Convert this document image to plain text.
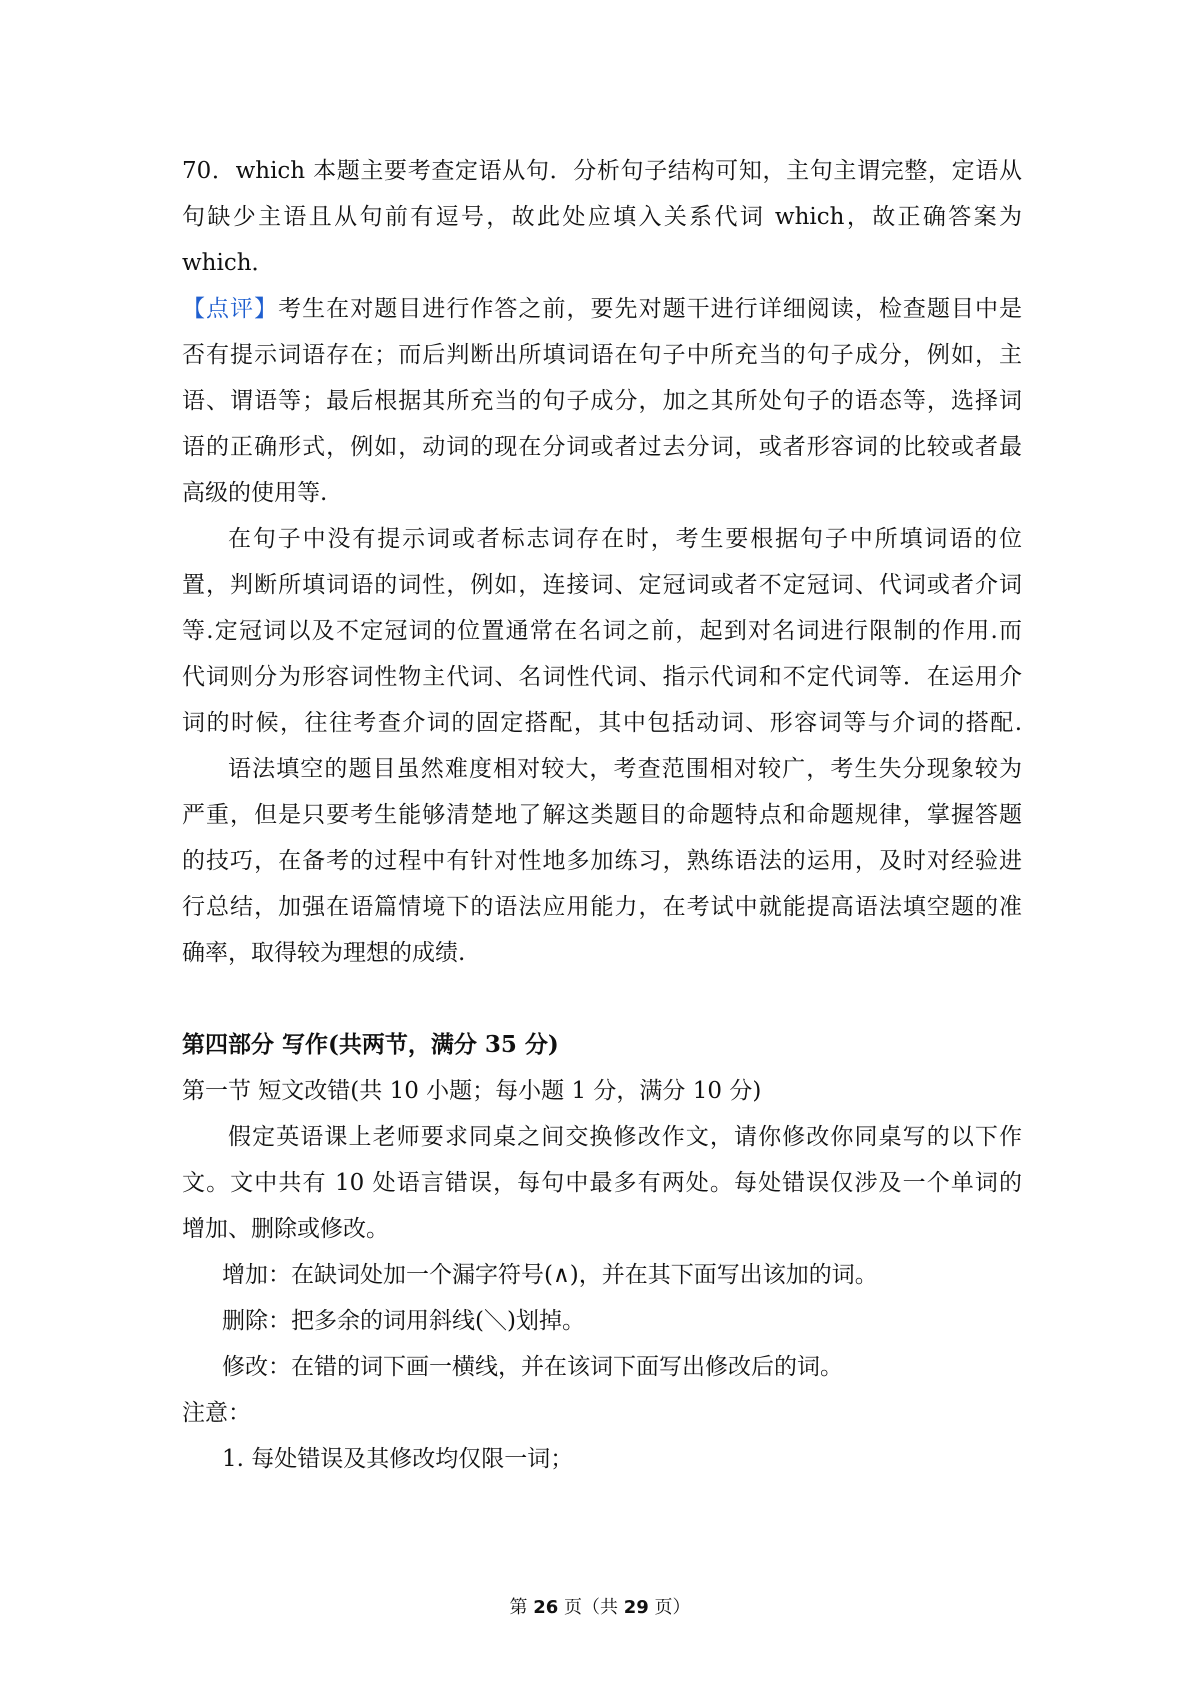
70．which 本题主要考查定语从句．分析句子结构可知，主句主谓完整，定语从
句缺少主语且从句前有逗号，故此处应填入关系代词 which，故正确答案为
which．
【点评】考生在对题目进行作答之前，要先对题干进行详细阅读，检查题目中是
否有提示词语存在；而后判断出所填词语在句子中所充当的句子成分，例如，主
语、谓语等；最后根据其所充当的句子成分，加之其所处句子的语态等，选择词
语的正确形式，例如，动词的现在分词或者过去分词，或者形容词的比较或者最
高级的使用等.
在句子中没有提示词或者标志词存在时，考生要根据句子中所填词语的位
置，判断所填词语的词性，例如，连接词、定冠词或者不定冠词、代词或者介词
等.定冠词以及不定冠词的位置通常在名词之前，起到对名词进行限制的作用.而
代词则分为形容词性物主代词、名词性代词、指示代词和不定代词等．在运用介
词的时候，往往考查介词的固定搭配，其中包括动词、形容词等与介词的搭配.
语法填空的题目虽然难度相对较大，考查范围相对较广，考生失分现象较为
严重，但是只要考生能够清楚地了解这类题目的命题特点和命题规律，掌握答题
的技巧，在备考的过程中有针对性地多加练习，熟练语法的运用，及时对经验进
行总结，加强在语篇情境下的语法应用能力，在考试中就能提高语法填空题的准
确率，取得较为理想的成绩.
第四部分 写作(共两节，满分 35 分)
第一节 短文改错(共 10 小题；每小题 1 分，满分 10 分)
假定英语课上老师要求同桌之间交换修改作文，请你修改你同桌写的以下作
文。文中共有 10 处语言错误，每句中最多有两处。每处错误仅涉及一个单词的
增加、删除或修改。
增加：在缺词处加一个漏字符号(∧)，并在其下面写出该加的词。
删除：把多余的词用斜线(＼)划掉。
修改：在错的词下画一横线，并在该词下面写出修改后的词。
注意：
1. 每处错误及其修改均仅限一词；
第 26 页（共 29 页）
